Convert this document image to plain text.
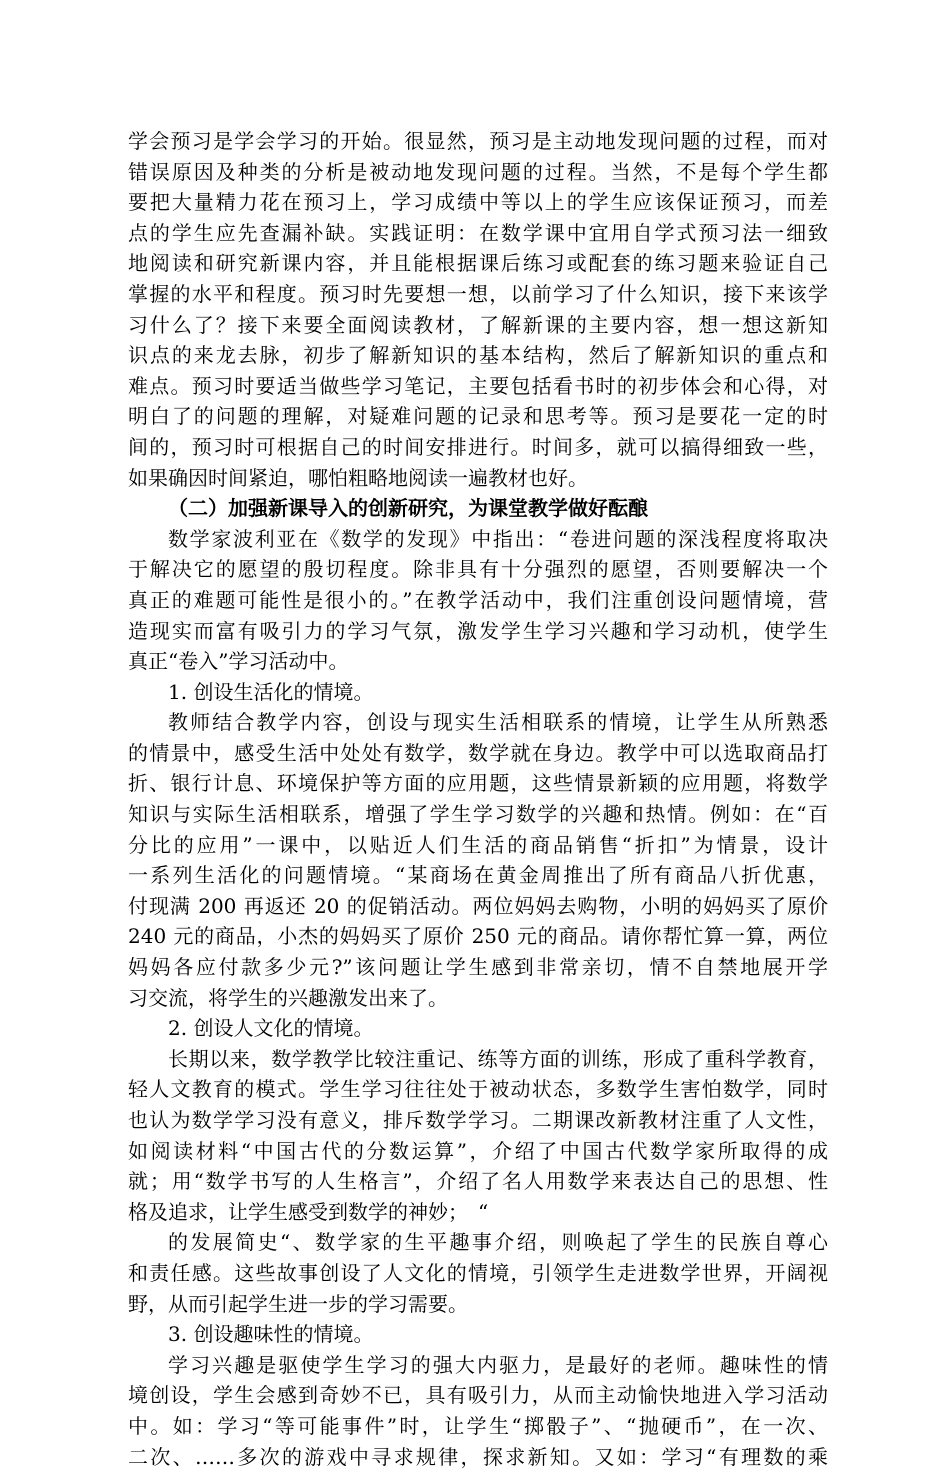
学会预习是学会学习的开始。很显然，预习是主动地发现问题的过程，而对
错误原因及种类的分析是被动地发现问题的过程。当然，不是每个学生都
要把大量精力花在预习上，学习成绩中等以上的学生应该保证预习，而差
点的学生应先查漏补缺。实践证明：在数学课中宜用自学式预习法一细致
地阅读和研究新课内容，并且能根据课后练习或配套的练习题来验证自己
掌握的水平和程度。预习时先要想一想，以前学习了什么知识，接下来该学
习什么了？接下来要全面阅读教材，了解新课的主要内容，想一想这新知
识点的来龙去脉，初步了解新知识的基本结构，然后了解新知识的重点和
难点。预习时要适当做些学习笔记，主要包括看书时的初步体会和心得，对
明白了的问题的理解，对疑难问题的记录和思考等。预习是要花一定的时
间的，预习时可根据自己的时间安排进行。时间多，就可以搞得细致一些，
如果确因时间紧迫，哪怕粗略地阅读一遍教材也好。
（二）加强新课导入的创新研究，为课堂教学做好酝酿
数学家波利亚在《数学的发现》中指出：“卷进问题的深浅程度将取决
于解决它的愿望的殷切程度。除非具有十分强烈的愿望，否则要解决一个
真正的难题可能性是很小的。”在教学活动中，我们注重创设问题情境，营
造现实而富有吸引力的学习气氛，激发学生学习兴趣和学习动机，使学生
真正“卷入”学习活动中。
1. 创设生活化的情境。
教师结合教学内容，创设与现实生活相联系的情境，让学生从所熟悉
的情景中，感受生活中处处有数学，数学就在身边。教学中可以选取商品打
折、银行计息、环境保护等方面的应用题，这些情景新颖的应用题，将数学
知识与实际生活相联系，增强了学生学习数学的兴趣和热情。例如：在“百
分比的应用”一课中，以贴近人们生活的商品销售“折扣”为情景，设计
一系列生活化的问题情境。“某商场在黄金周推出了所有商品八折优惠，
付现满 200 再返还 20 的促销活动。两位妈妈去购物，小明的妈妈买了原价
240 元的商品，小杰的妈妈买了原价 250 元的商品。请你帮忙算一算，两位
妈妈各应付款多少元?”该问题让学生感到非常亲切，情不自禁地展开学
习交流，将学生的兴趣激发出来了。
2. 创设人文化的情境。
长期以来，数学教学比较注重记、练等方面的训练，形成了重科学教育，
轻人文教育的模式。学生学习往往处于被动状态，多数学生害怕数学，同时
也认为数学学习没有意义，排斥数学学习。二期课改新教材注重了人文性，
如阅读材料“中国古代的分数运算”，介绍了中国古代数学家所取得的成
就；用“数学书写的人生格言”，介绍了名人用数学来表达自己的思想、性
格及追求，让学生感受到数学的神妙；　“
的发展简史“、数学家的生平趣事介绍，则唤起了学生的民族自尊心
和责任感。这些故事创设了人文化的情境，引领学生走进数学世界，开阔视
野，从而引起学生进一步的学习需要。
3. 创设趣味性的情境。
学习兴趣是驱使学生学习的强大内驱力，是最好的老师。趣味性的情
境创设，学生会感到奇妙不已，具有吸引力，从而主动愉快地进入学习活动
中。如：学习“等可能事件”时，让学生“掷骰子”、“抛硬币”，在一次、
二次、……多次的游戏中寻求规律，探求新知。又如：学习“有理数的乘
